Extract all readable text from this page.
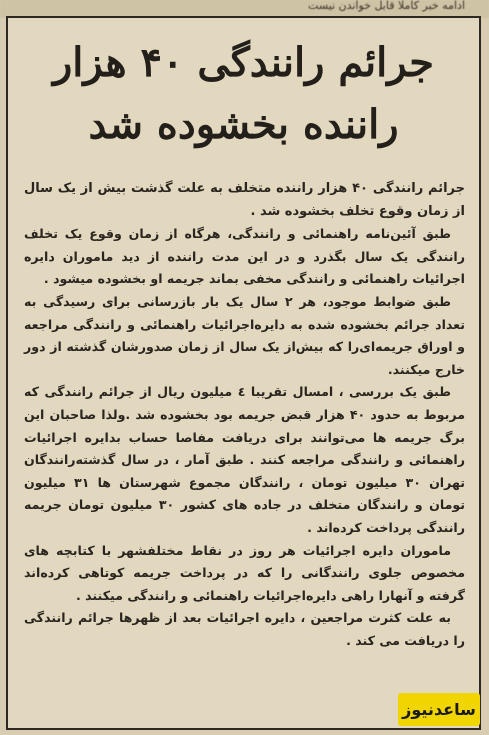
ادامه خبر کاملا قابل خواندن نیست
جرائم رانندگی ۴۰ هزار
راننده بخشوده شد

جرائم رانندگی ۴۰ هزار راننده متخلف به علت گذشت بیش از یک سال از زمان وقوع تخلف بخشوده شد .

طبق آئین‌نامه راهنمائی و رانندگی، هرگاه از زمان وقوع یک تخلف رانندگی یک سال بگذرد و در این مدت راننده از دید ماموران دایره اجرائیات راهنمائی و رانندگی مخفی بماند جریمه او بخشوده میشود .

طبق ضوابط موجود، هر ۲ سال یک بار بازرسانی برای رسیدگی به تعداد جرائم بخشوده شده به دایره‌اجرائیات راهنمائی و رانندگی مراجعه و اوراق جریمه‌ای‌را که بیش‌از یک سال از زمان صدورشان گذشته از دور خارج میکنند.

طبق یک بررسی ، امسال تقریبا ٤ میلیون ریال از جرائم رانندگی که مربوط به حدود ۴۰ هزار قبض جریمه بود بخشوده شد .ولذا صاحبان این برگ جریمه ها می‌توانند برای دریافت مفاصا حساب بدایره اجرائیات راهنمائی و رانندگی مراجعه کنند . طبق آمار ، در سال گذشته‌رانندگان تهران ۳۰ میلیون تومان ، رانندگان مجموع شهرستان ها ۳۱ میلیون تومان و رانندگان متخلف در جاده های کشور ۳۰ میلیون تومان جریمه رانندگی پرداخت کرده‌اند .

ماموران دایره اجرائیات هر روز در نقاط مختلفشهر با کتابچه های مخصوص جلوی رانندگانی را که در پرداخت جریمه کوتاهی کرده‌اند گرفته و آنهارا راهی دایره‌اجرائیات راهنمائی و رانندگی میکنند .

به علت کثرت مراجعین ، دایره اجرائیات بعد از ظهرها جرائم رانندگی را دریافت می کند .

ساعدنیوز
